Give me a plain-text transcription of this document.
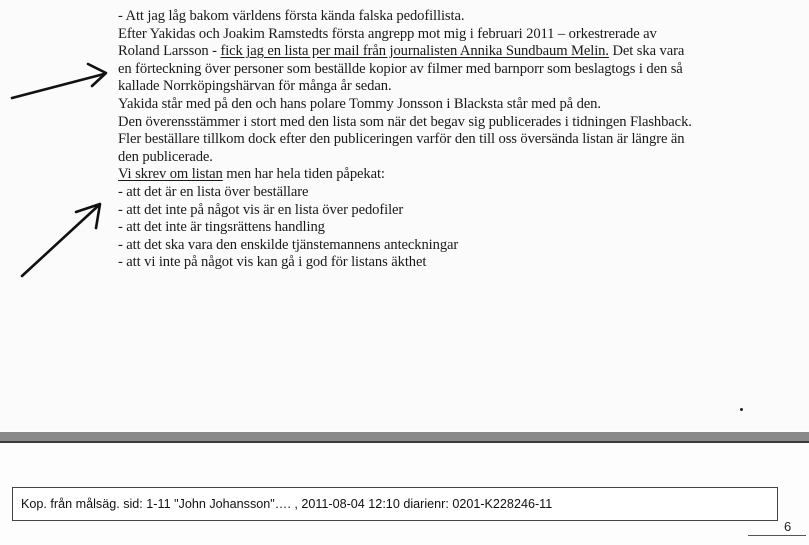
- Att jag låg bakom världens första kända falska pedofillista.
Efter Yakidas och Joakim Ramstedts första angrepp mot mig i februari 2011 – orkestrerade av
Roland Larsson - fick jag en lista per mail från journalisten Annika Sundbaum Melin. Det ska vara
en förteckning över personer som beställde kopior av filmer med barnporr som beslagtogs i den så
kallade Norrköpingshärvan för många år sedan.
Yakida står med på den och hans polare Tommy Jonsson i Blacksta står med på den.
Den överensstämmer i stort med den lista som när det begav sig publicerades i tidningen Flashback.
Fler beställare tillkom dock efter den publiceringen varför den till oss översända listan är längre än
den publicerade.
Vi skrev om listan men har hela tiden påpekat:
- att det är en lista över beställare
- att det inte på något vis är en lista över pedofiler
- att det inte är tingsrättens handling
- att det ska vara den enskilde tjänstemannens anteckningar
- att vi inte på något vis kan gå i god för listans äkthet
Kop. från målsäg. sid: 1-11 "John Johansson"…. , 2011-08-04 12:10 diarienr: 0201-K228246-11
6
